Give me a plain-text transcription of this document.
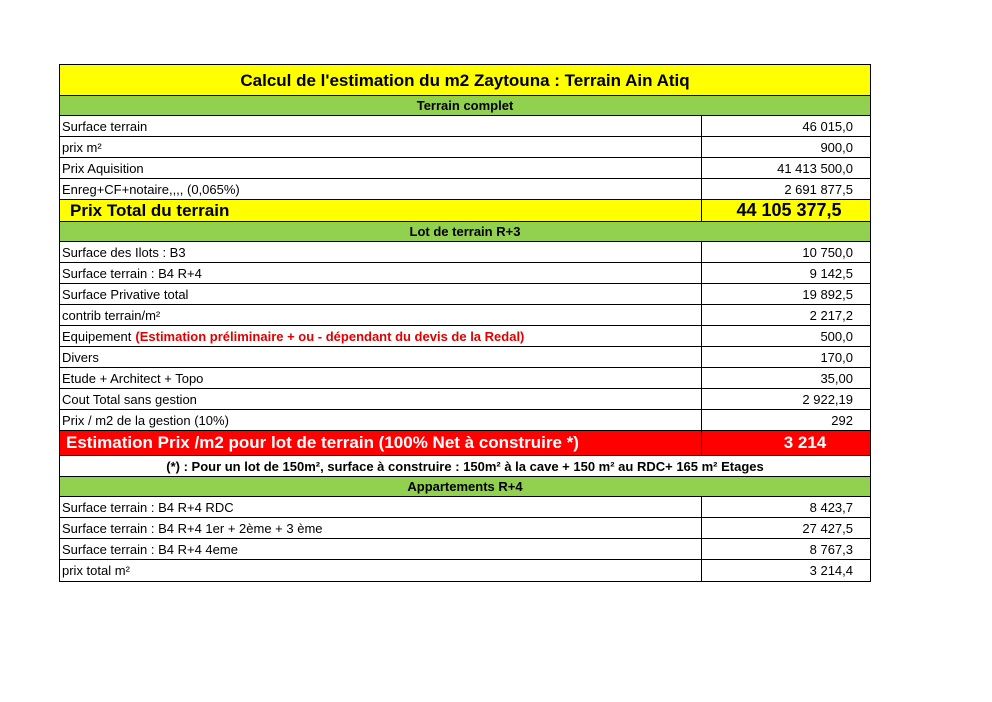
Calcul de l'estimation du m2 Zaytouna : Terrain Ain Atiq
Terrain complet
Surface terrain	46 015,0
prix m²	900,0
Prix Aquisition	41 413 500,0
Enreg+CF+notaire,,,, (0,065%)	2 691 877,5
Prix Total du terrain	44 105 377,5
Lot de terrain R+3
Surface des Ilots : B3	10 750,0
Surface terrain : B4 R+4	9 142,5
Surface Privative total	19 892,5
contrib terrain/m²	2 217,2
Equipement (Estimation préliminaire + ou - dépendant du devis de la Redal)	500,0
Divers	170,0
Etude + Architect + Topo	35,00
Cout Total sans gestion	2 922,19
Prix / m2 de la gestion (10%)	292
Estimation Prix /m2 pour lot de terrain (100% Net à construire *)	3 214
(*) : Pour un lot de 150m², surface à construire : 150m² à la cave + 150 m² au RDC+ 165 m² Etages
Appartements R+4
Surface terrain : B4 R+4 RDC	8 423,7
Surface terrain : B4 R+4 1er + 2ème + 3 ème	27 427,5
Surface terrain : B4 R+4 4eme	8 767,3
prix total m²	3 214,4
